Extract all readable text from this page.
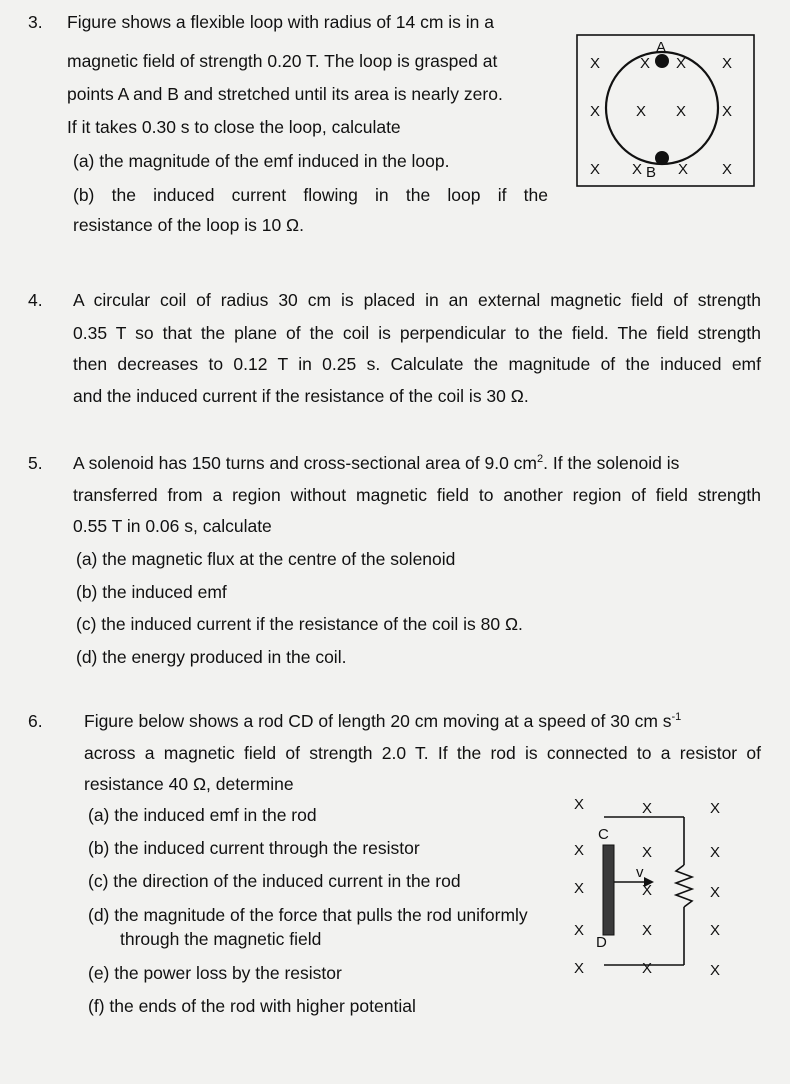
3. Figure shows a flexible loop with radius of 14 cm is in a
magnetic field of strength 0.20 T. The loop is grasped at
points A and B and stretched until its area is nearly zero.
If it takes 0.30 s to close the loop, calculate
(a) the magnitude of the emf induced in the loop.
(b) the induced current flowing in the loop if the
resistance of the loop is 10 Ω.
A
B
X	X X X
X X X X
X X X X
4. A circular coil of radius 30 cm is placed in an external magnetic field of strength
0.35 T so that the plane of the coil is perpendicular to the field. The field strength
then decreases to 0.12 T in 0.25 s. Calculate the magnitude of the induced emf
and the induced current if the resistance of the coil is 30 Ω.
5. A solenoid has 150 turns and cross-sectional area of 9.0 $cm^2$. If the solenoid is
transferred from a region without magnetic field to another region of field strength
0.55 T in 0.06 s, calculate
(a) the magnetic flux at the centre of the solenoid
(b) the induced emf
(c) the induced current if the resistance of the coil is 80 Ω.
(d) the energy produced in the coil.
6. Figure below shows a rod CD of length 20 cm moving at a speed of 30 cm $s^{-1}$
across a magnetic field of strength 2.0 T. If the rod is connected to a resistor of
resistance 40 Ω, determine
(a) the induced emf in the rod
(b) the induced current through the resistor
(c) the direction of the induced current in the rod
(d) the magnitude of the force that pulls the rod uniformly
through the magnetic field
(e) the power loss by the resistor
(f) the ends of the rod with higher potential
v
C
D
X
X
X
X
X
X
X
X
X
X
X
X
X
X
X
